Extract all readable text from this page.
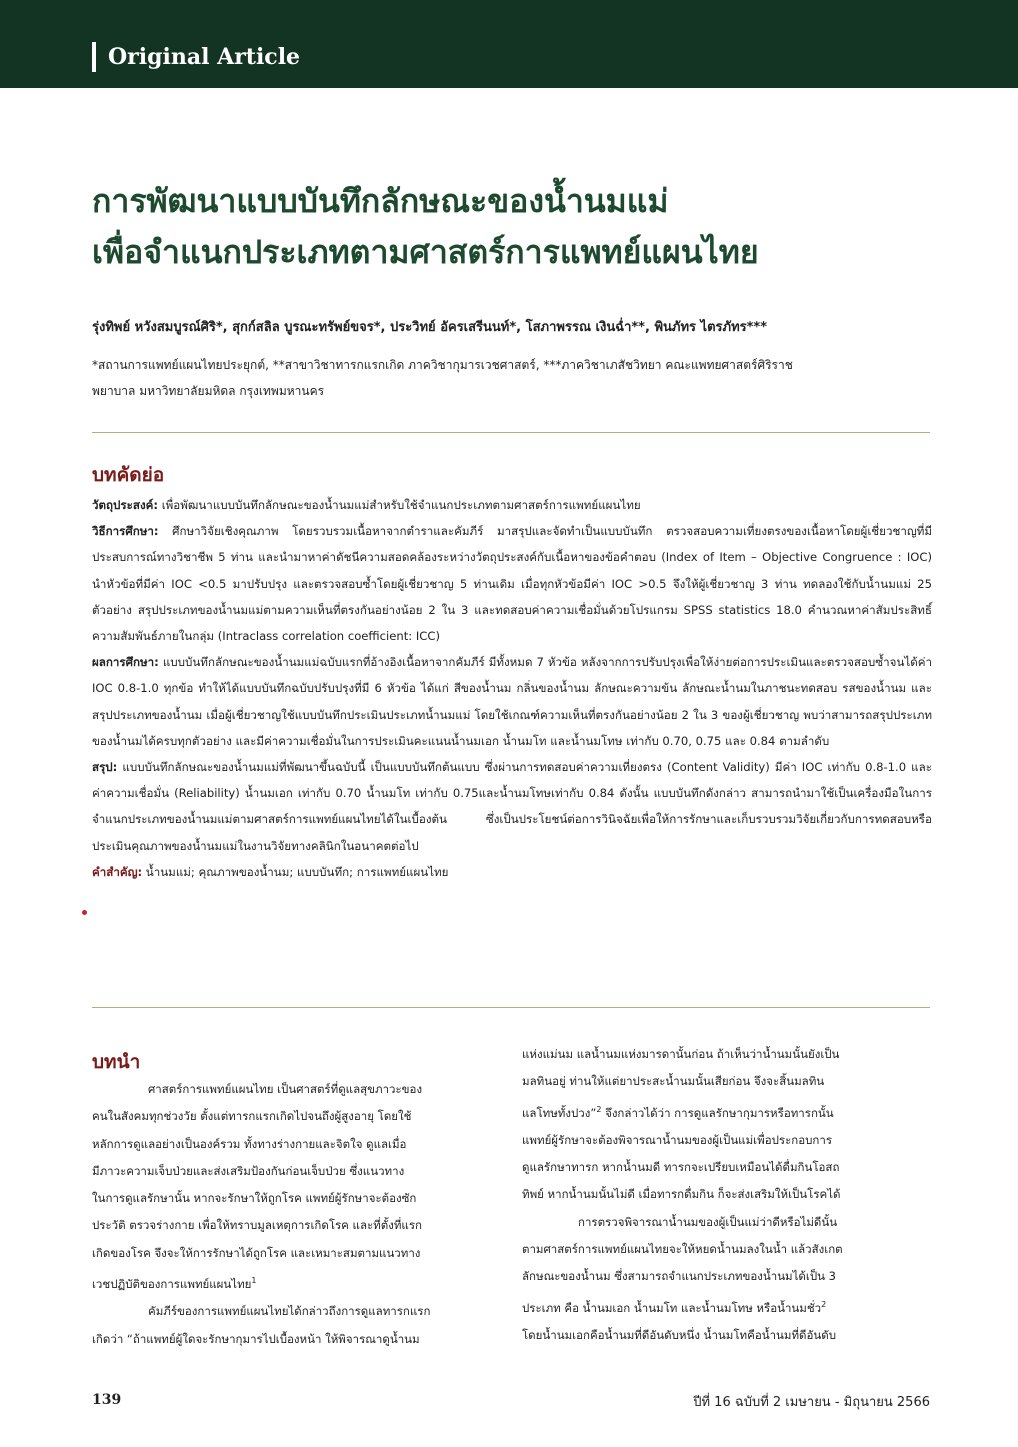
Original Article
การพัฒนาแบบบันทึกลักษณะของน้ำนมแม่
เพื่อจำแนกประเภทตามศาสตร์การแพทย์แผนไทย
รุ่งทิพย์ หวังสมบูรณ์ศิริ*, สุกก์สลิล บูรณะทรัพย์ขจร*, ประวิทย์ อัครเสรีนนท์*, โสภาพรรณ เงินฉ่ำ**, พินภัทร ไตรภัทร***
*สถานการแพทย์แผนไทยประยุกต์, **สาขาวิชาทารกแรกเกิด ภาควิชากุมารเวชศาสตร์, ***ภาควิชาเภสัชวิทยา คณะแพทยศาสตร์ศิริราช
พยาบาล มหาวิทยาลัยมหิดล กรุงเทพมหานคร
บทคัดย่อ

วัตถุประสงค์: เพื่อพัฒนาแบบบันทึกลักษณะของน้ำนมแม่สำหรับใช้จำแนกประเภทตามศาสตร์การแพทย์แผนไทย

วิธีการศึกษา: ศึกษาวิจัยเชิงคุณภาพ โดยรวบรวมเนื้อหาจากตำราและคัมภีร์ มาสรุปและจัดทำเป็นแบบบันทึก ตรวจสอบความเที่ยงตรงของเนื้อหาโดยผู้เชี่ยวชาญที่มีประสบการณ์ทางวิชาชีพ 5 ท่าน และนำมาหาค่าดัชนีความสอดคล้องระหว่างวัตถุประสงค์กับเนื้อหาของข้อคำตอบ (Index of Item – Objective Congruence : IOC) นำหัวข้อที่มีค่า IOC <0.5 มาปรับปรุง และตรวจสอบซ้ำโดยผู้เชี่ยวชาญ 5 ท่านเดิม เมื่อทุกหัวข้อมีค่า IOC >0.5 จึงให้ผู้เชี่ยวชาญ 3 ท่าน ทดลองใช้กับน้ำนมแม่ 25 ตัวอย่าง สรุปประเภทของน้ำนมแม่ตามความเห็นที่ตรงกันอย่างน้อย 2 ใน 3 และทดสอบค่าความเชื่อมั่นด้วยโปรแกรม SPSS statistics 18.0 คำนวณหาค่าสัมประสิทธิ์ความสัมพันธ์ภายในกลุ่ม (Intraclass correlation coefficient: ICC)

ผลการศึกษา: แบบบันทึกลักษณะของน้ำนมแม่ฉบับแรกที่อ้างอิงเนื้อหาจากคัมภีร์ มีทั้งหมด 7 หัวข้อ หลังจากการปรับปรุงเพื่อให้ง่ายต่อการประเมินและตรวจสอบซ้ำจนได้ค่า IOC 0.8-1.0 ทุกข้อ ทำให้ได้แบบบันทึกฉบับปรับปรุงที่มี 6 หัวข้อ ได้แก่ สีของน้ำนม กลิ่นของน้ำนม ลักษณะความข้น ลักษณะน้ำนมในภาชนะทดสอบ รสของน้ำนม และสรุปประเภทของน้ำนม เมื่อผู้เชี่ยวชาญใช้แบบบันทึกประเมินประเภทน้ำนมแม่ โดยใช้เกณฑ์ความเห็นที่ตรงกันอย่างน้อย 2 ใน 3 ของผู้เชี่ยวชาญ พบว่าสามารถสรุปประเภทของน้ำนมได้ครบทุกตัวอย่าง และมีค่าความเชื่อมั่นในการประเมินคะแนนน้ำนมเอก น้ำนมโท และน้ำนมโทษ เท่ากับ 0.70, 0.75 และ 0.84 ตามลำดับ

สรุป: แบบบันทึกลักษณะของน้ำนมแม่ที่พัฒนาขึ้นฉบับนี้ เป็นแบบบันทึกต้นแบบ ซึ่งผ่านการทดสอบค่าความเที่ยงตรง (Content Validity) มีค่า IOC เท่ากับ 0.8-1.0 และค่าความเชื่อมั่น (Reliability) น้ำนมเอก เท่ากับ 0.70 น้ำนมโท เท่ากับ 0.75และน้ำนมโทษเท่ากับ 0.84 ดังนั้น แบบบันทึกดังกล่าว สามารถนำมาใช้เป็นเครื่องมือในการจำแนกประเภทของน้ำนมแม่ตามศาสตร์การแพทย์แผนไทยได้ในเบื้องต้น ซึ่งเป็นประโยชน์ต่อการวินิจฉัยเพื่อให้การรักษาและเก็บรวบรวมวิจัยเกี่ยวกับการทดสอบหรือประเมินคุณภาพของน้ำนมแม่ในงานวิจัยทางคลินิกในอนาคตต่อไป

คำสำคัญ: น้ำนมแม่; คุณภาพของน้ำนม; แบบบันทึก; การแพทย์แผนไทย

บทนำ
ศาสตร์การแพทย์แผนไทย เป็นศาสตร์ที่ดูแลสุขภาวะของ
คนในสังคมทุกช่วงวัย ตั้งแต่ทารกแรกเกิดไปจนถึงผู้สูงอายุ โดยใช้
หลักการดูแลอย่างเป็นองค์รวม ทั้งทางร่างกายและจิตใจ ดูแลเมื่อ
มีภาวะความเจ็บป่วยและส่งเสริมป้องกันก่อนเจ็บป่วย ซึ่งแนวทาง
ในการดูแลรักษานั้น หากจะรักษาให้ถูกโรค แพทย์ผู้รักษาจะต้องซัก
ประวัติ ตรวจร่างกาย เพื่อให้ทราบมูลเหตุการเกิดโรค และที่ตั้งที่แรก
เกิดของโรค จึงจะให้การรักษาได้ถูกโรค และเหมาะสมตามแนวทาง
เวชปฏิบัติของการแพทย์แผนไทย$^1$
คัมภีร์ของการแพทย์แผนไทยได้กล่าวถึงการดูแลทารกแรก
เกิดว่า “ถ้าแพทย์ผู้ใดจะรักษากุมารไปเบื้องหน้า ให้พิจารณาดูน้ำนม
แห่งแม่นม แลน้ำนมแห่งมารดานั้นก่อน ถ้าเห็นว่าน้ำนมนั้นยังเป็น
มลทินอยู่ ท่านให้แต่ยาประสะน้ำนมนั้นเสียก่อน จึงจะสิ้นมลทิน
แลโทษทั้งปวง”$^2$ จึงกล่าวได้ว่า การดูแลรักษากุมารหรือทารกนั้น
แพทย์ผู้รักษาจะต้องพิจารณาน้ำนมของผู้เป็นแม่เพื่อประกอบการ
ดูแลรักษาทารก หากน้ำนมดี ทารกจะเปรียบเหมือนได้ดื่มกินโอสถ
ทิพย์ หากน้ำนมนั้นไม่ดี เมื่อทารกดื่มกิน ก็จะส่งเสริมให้เป็นโรคได้
การตรวจพิจารณาน้ำนมของผู้เป็นแม่ว่าดีหรือไม่ดีนั้น
ตามศาสตร์การแพทย์แผนไทยจะให้หยดน้ำนมลงในน้ำ แล้วสังเกต
ลักษณะของน้ำนม ซึ่งสามารถจำแนกประเภทของน้ำนมได้เป็น 3
ประเภท คือ น้ำนมเอก น้ำนมโท และน้ำนมโทษ หรือน้ำนมชั่ว$^2$
โดยน้ำนมเอกคือน้ำนมที่ดีอันดับหนึ่ง น้ำนมโทคือน้ำนมที่ดีอันดับ
139	ปีที่ 16 ฉบับที่ 2 เมษายน - มิถุนายน 2566
